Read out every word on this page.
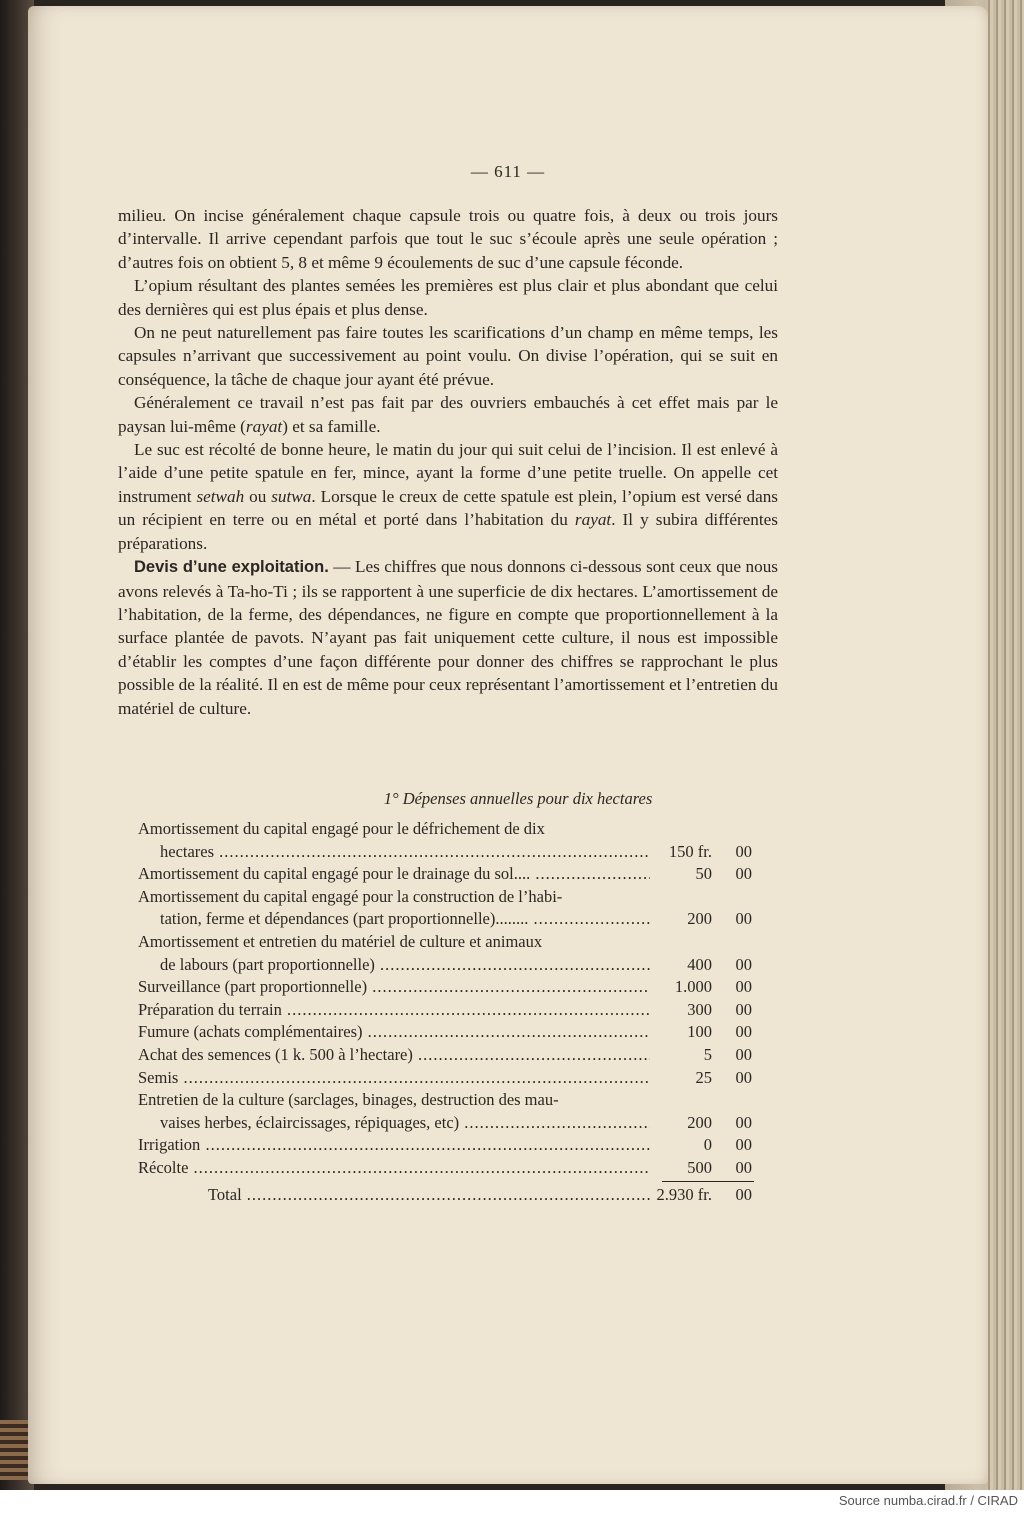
— 611 —

milieu. On incise généralement chaque capsule trois ou quatre fois, à deux ou trois jours d’intervalle. Il arrive cependant parfois que tout le suc s’écoule après une seule opération ; d’autres fois on obtient 5, 8 et même 9 écoulements de suc d’une capsule féconde.

L’opium résultant des plantes semées les premières est plus clair et plus abondant que celui des dernières qui est plus épais et plus dense.

On ne peut naturellement pas faire toutes les scarifications d’un champ en même temps, les capsules n’arrivant que successivement au point voulu. On divise l’opération, qui se suit en conséquence, la tâche de chaque jour ayant été prévue.

Généralement ce travail n’est pas fait par des ouvriers embauchés à cet effet mais par le paysan lui-même (rayat) et sa famille.

Le suc est récolté de bonne heure, le matin du jour qui suit celui de l’incision. Il est enlevé à l’aide d’une petite spatule en fer, mince, ayant la forme d’une petite truelle. On appelle cet instrument setwah ou sutwa. Lorsque le creux de cette spatule est plein, l’opium est versé dans un récipient en terre ou en métal et porté dans l’habitation du rayat. Il y subira différentes préparations.

Devis d’une exploitation. — Les chiffres que nous donnons ci-dessous sont ceux que nous avons relevés à Ta-ho-Ti ; ils se rapportent à une superficie de dix hectares. L’amortissement de l’habitation, de la ferme, des dépendances, ne figure en compte que proportionnellement à la surface plantée de pavots. N’ayant pas fait uniquement cette culture, il nous est impossible d’établir les comptes d’une façon différente pour donner des chiffres se rapprochant le plus possible de la réalité. Il en est de même pour ceux représentant l’amortissement et l’entretien du matériel de culture.

1° Dépenses annuelles pour dix hectares
Amortissement du capital engagé pour le défrichement de dix
hectares .....	150 fr.	00
Amortissement du capital engagé pour le drainage du sol.... .....	50	00
Amortissement du capital engagé pour la construction de l’habi-
tation, ferme et dépendances (part proportionnelle)........ .....	200	00
Amortissement et entretien du matériel de culture et animaux
de labours (part proportionnelle) .....	400	00
Surveillance (part proportionnelle) .....	1.000	00
Préparation du terrain .....	300	00
Fumure (achats complémentaires) .....	100	00
Achat des semences (1 k. 500 à l’hectare) .....	5	00
Semis .....	25	00
Entretien de la culture (sarclages, binages, destruction des mau-
vaises herbes, éclaircissages, répiquages, etc) .....	200	00
Irrigation .....	0	00
Récolte .....	500	00
Total .....	2.930 fr.	00
Source numba.cirad.fr / CIRAD
